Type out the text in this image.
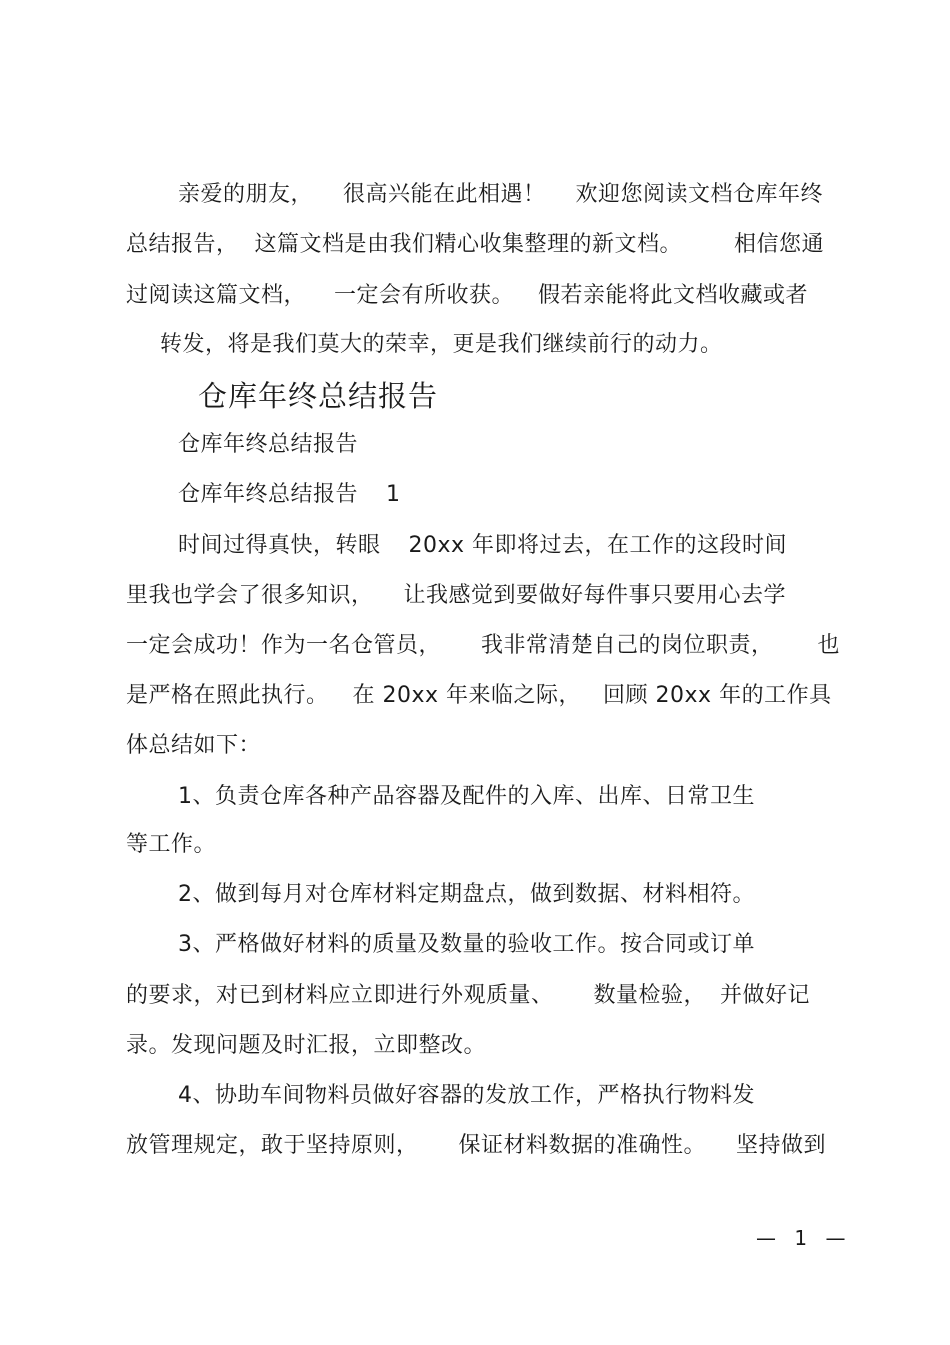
亲爱的朋友， 很高兴能在此相遇！ 欢迎您阅读文档仓库年终
总结报告， 这篇文档是由我们精心收集整理的新文档。 相信您通
过阅读这篇文档， 一定会有所收获。 假若亲能将此文档收藏或者
转发，将是我们莫大的荣幸，更是我们继续前行的动力。
仓库年终总结报告
仓库年终总结报告
仓库年终总结报告 1
时间过得真快，转眼 20xx 年即将过去，在工作的这段时间
里我也学会了很多知识， 让我感觉到要做好每件事只要用心去学
一定会成功！作为一名仓管员， 我非常清楚自己的岗位职责， 也
是严格在照此执行。 在 20xx 年来临之际， 回顾 20xx 年的工作具
体总结如下：
1、负责仓库各种产品容器及配件的入库、出库、日常卫生
等工作。
2、做到每月对仓库材料定期盘点，做到数据、材料相符。
3、严格做好材料的质量及数量的验收工作。按合同或订单
的要求，对已到材料应立即进行外观质量、 数量检验， 并做好记
录。发现问题及时汇报，立即整改。
4、协助车间物料员做好容器的发放工作，严格执行物料发
放管理规定，敢于坚持原则， 保证材料数据的准确性。 坚持做到
— 1 —
